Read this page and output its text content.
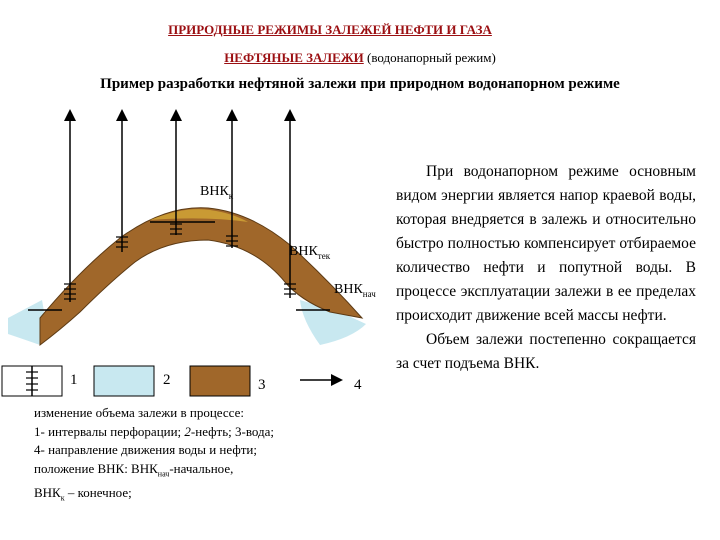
ПРИРОДНЫЕ РЕЖИМЫ ЗАЛЕЖЕЙ НЕФТИ И ГАЗА
НЕФТЯНЫЕ ЗАЛЕЖИ (водонапорный режим)
Пример разработки нефтяной залежи при природном водонапорном режиме
$ВНК_к$
$ВНК_{тек}$
$ВНК_{нач}$
1	2	3	4
изменение объема залежи в процессе:
1- интервалы перфорации; 2-нефть; 3-вода;
4- направление движения воды и нефти;
положение ВНК: $ВНК_{нач}$-начальное,
$ВНК_к$ – конечное;

При водонапорном режиме основным видом энергии является напор краевой воды, которая внедряется в залежь и относительно быстро полностью компенсирует отбираемое количество нефти и попутной воды. В процессе эксплуатации залежи в ее пределах происходит движение всей массы нефти.

Объем залежи постепенно сокращается за счет подъема ВНК.
